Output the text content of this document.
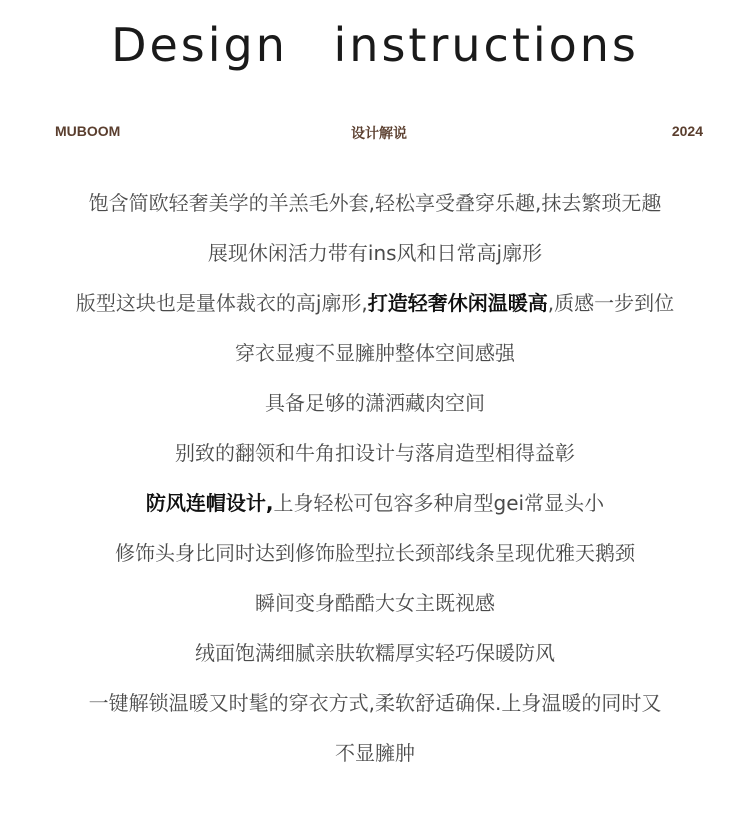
Design instructions
MUBOOM	设计解说	2024
饱含简欧轻奢美学的羊羔毛外套,轻松享受叠穿乐趣,抹去繁琐无趣
展现休闲活力带有ins风和日常高j廓形
版型这块也是量体裁衣的高j廓形,打造轻奢休闲温暖高,质感一步到位
穿衣显瘦不显臃肿整体空间感强
具备足够的潇洒藏肉空间
别致的翻领和牛角扣设计与落肩造型相得益彰
防风连帽设计,上身轻松可包容多种肩型gei常显头小
修饰头身比同时达到修饰脸型拉长颈部线条呈现优雅天鹅颈
瞬间变身酷酷大女主既视感
绒面饱满细腻亲肤软糯厚实轻巧保暖防风
一键解锁温暖又时髦的穿衣方式,柔软舒适确保.上身温暖的同时又
不显臃肿
